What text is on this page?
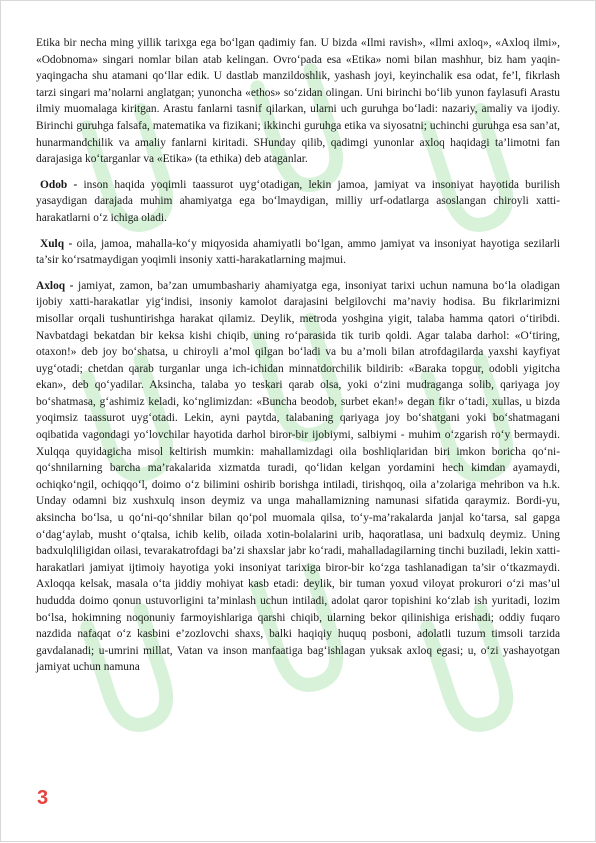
Etika bir necha ming yillik tarixga ega bo‘lgan qadimiy fan. U bizda «Ilmi ravish», «Ilmi axloq», «Axloq ilmi», «Odobnoma» singari nomlar bilan atab kelingan. Ovro‘pada esa «Etika» nomi bilan mashhur, biz ham yaqin-yaqingacha shu atamani qo‘llar edik. U dastlab manzildoshlik, yashash joyi, keyinchalik esa odat, fe’l, fikrlash tarzi singari ma’nolarni anglatgan; yunoncha «ethos» so‘zidan olingan. Uni birinchi bo‘lib yunon faylasufi Arastu ilmiy muomalaga kiritgan. Arastu fanlarni tasnif qilarkan, ularni uch guruhga bo‘ladi: nazariy, amaliy va ijodiy. Birinchi guruhga falsafa, matematika va fizikani; ikkinchi guruhga etika va siyosatni; uchinchi guruhga esa san’at, hunarmandchilik va amaliy fanlarni kiritadi. SHunday qilib, qadimgi yunonlar axloq haqidagi ta’limotni fan darajasiga ko‘targanlar va «Etika» (ta ethika) deb ataganlar.

Odob - inson haqida yoqimli taassurot uyg‘otadigan, lekin jamoa, jamiyat va insoniyat hayotida burilish yasaydigan darajada muhim ahamiyatga ega bo‘lmaydigan, milliy urf-odatlarga asoslangan chiroyli xatti-harakatlarni o‘z ichiga oladi.

Xulq - oila, jamoa, mahalla-ko‘y miqyosida ahamiyatli bo‘lgan, ammo jamiyat va insoniyat hayotiga sezilarli ta’sir ko‘rsatmaydigan yoqimli insoniy xatti-harakatlarning majmui.

Axloq - jamiyat, zamon, ba’zan umumbashariy ahamiyatga ega, insoniyat tarixi uchun namuna bo‘la oladigan ijobiy xatti-harakatlar yig‘indisi, insoniy kamolot darajasini belgilovchi ma’naviy hodisa. Bu fikrlarimizni misollar orqali tushuntirishga harakat qilamiz. Deylik, metroda yoshgina yigit, talaba hamma qatori o‘tiribdi. Navbatdagi bekatdan bir keksa kishi chiqib, uning ro‘parasida tik turib qoldi. Agar talaba darhol: «O‘tiring, otaxon!» deb joy bo‘shatsa, u chiroyli a’mol qilgan bo‘ladi va bu a’moli bilan atrofdagilarda yaxshi kayfiyat uyg‘otadi; chetdan qarab turganlar unga ich-ichidan minnatdorchilik bildirib: «Baraka topgur, odobli yigitcha ekan», deb qo‘yadilar. Aksincha, talaba yo teskari qarab olsa, yoki o‘zini mudraganga solib, qariyaga joy bo‘shatmasa, g‘ashimiz keladi, ko‘nglimizdan: «Buncha beodob, surbet ekan!» degan fikr o‘tadi, xullas, u bizda yoqimsiz taassurot uyg‘otadi. Lekin, ayni paytda, talabaning qariyaga joy bo‘shatgani yoki bo‘shatmagani oqibatida vagondagi yo‘lovchilar hayotida darhol biror-bir ijobiymi, salbiymi - muhim o‘zgarish ro‘y bermaydi. Xulqqa quyidagicha misol keltirish mumkin: mahallamizdagi oila boshliqlaridan biri imkon boricha qo‘ni-qo‘shnilarning barcha ma’rakalarida xizmatda turadi, qo‘lidan kelgan yordamini hech kimdan ayamaydi, ochiqko‘ngil, ochiqqo‘l, doimo o‘z bilimini oshirib borishga intiladi, tirishqoq, oila a’zolariga mehribon va h.k. Unday odamni biz xushxulq inson deymiz va unga mahallamizning namunasi sifatida qaraymiz. Bordi-yu, aksincha bo‘lsa, u qo‘ni-qo‘shnilar bilan qo‘pol muomala qilsa, to‘y-ma’rakalarda janjal ko‘tarsa, sal gapga o‘dag‘aylab, musht o‘qtalsa, ichib kelib, oilada xotin-bolalarini urib, haqoratlasa, uni badxulq deymiz. Uning badxulqliligidan oilasi, tevarakatrofdagi ba’zi shaxslar jabr ko‘radi, mahalladagilarning tinchi buziladi, lekin xatti-harakatlari jamiyat ijtimoiy hayotiga yoki insoniyat tarixiga biror-bir ko‘zga tashlanadigan ta’sir o‘tkazmaydi. Axloqqa kelsak, masala o‘ta jiddiy mohiyat kasb etadi: deylik, bir tuman yoxud viloyat prokurori o‘zi mas’ul hududda doimo qonun ustuvorligini ta’minlash uchun intiladi, adolat qaror topishini ko‘zlab ish yuritadi, lozim bo‘lsa, hokimning noqonuniy farmoyishlariga qarshi chiqib, ularning bekor qilinishiga erishadi; oddiy fuqaro nazdida nafaqat o‘z kasbini e’zozlovchi shaxs, balki haqiqiy huquq posboni, adolatli tuzum timsoli tarzida gavdalanadi; u-umrini millat, Vatan va inson manfaatiga bag‘ishlagan yuksak axloq egasi; u, o‘zi yashayotgan jamiyat uchun namuna

3
